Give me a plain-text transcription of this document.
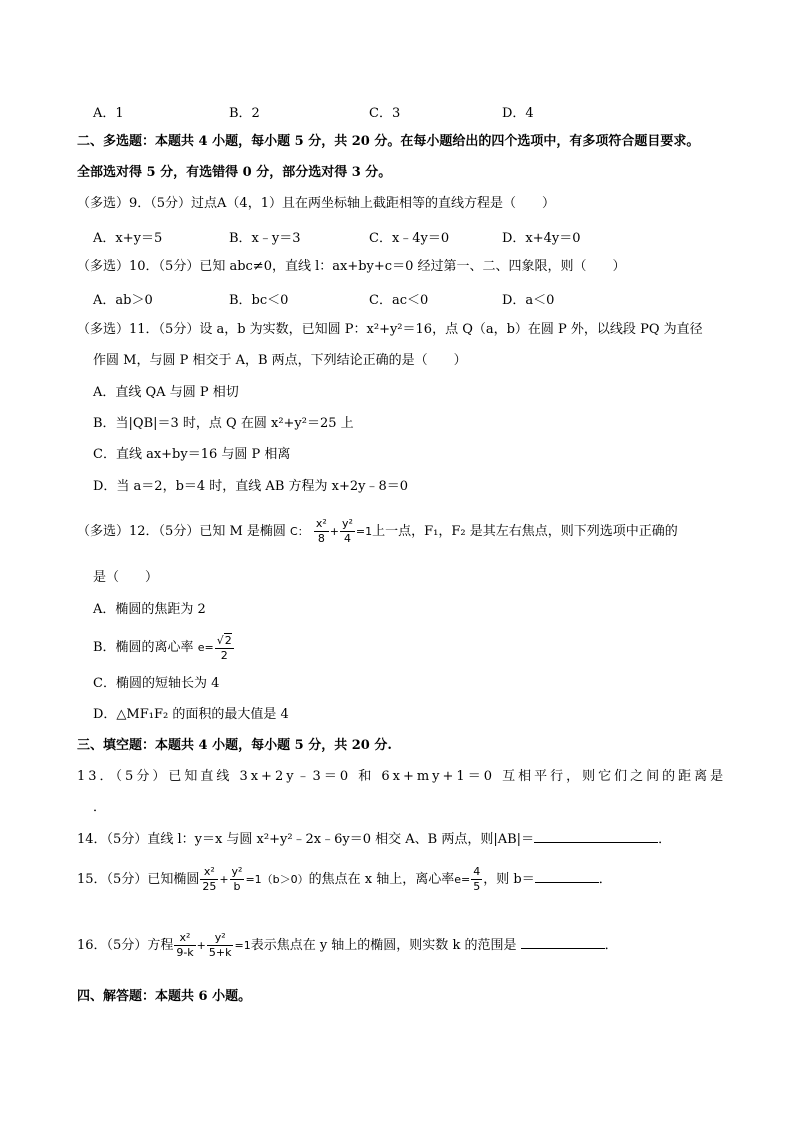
A．1	B．2	C．3	D．4
二、多选题：本题共 4 小题，每小题 5 分，共 20 分。在每小题给出的四个选项中，有多项符合题目要求。
全部选对得 5 分，有选错得 0 分，部分选对得 3 分。
（多选）9．（5分）过点A（4，1）且在两坐标轴上截距相等的直线方程是（　　）
A．x+y＝5	B．x﹣y＝3	C．x﹣4y＝0	D．x+4y＝0
（多选）10．（5分）已知 abc≠0，直线 l：ax+by+c＝0 经过第一、二、四象限，则（　　）
A．ab＞0	B．bc＜0	C．ac＜0	D．a＜0
（多选）11．（5分）设 a，b 为实数，已知圆 P：x²+y²＝16，点 Q（a，b）在圆 P 外，以线段 PQ 为直径
作圆 M，与圆 P 相交于 A，B 两点，下列结论正确的是（　　）
A．直线 QA 与圆 P 相切
B．当|QB|＝3 时，点 Q 在圆 x²+y²＝25 上
C．直线 ax+by＝16 与圆 P 相离
D．当 a＝2，b＝4 时，直线 AB 方程为 x+2y﹣8＝0
（多选）12．（5分）已知 M 是椭圆 C： $\frac{\text{x²}}{8} + \frac{\text{y²}}{4} =1$上一点，F₁，F₂ 是其左右焦点，则下列选项中正确的
是（　　）
A．椭圆的焦距为 2
B．椭圆的离心率 $e= \frac{√2}{2}$
C．椭圆的短轴长为 4
D．△MF₁F₂ 的面积的最大值是 4
三、填空题：本题共 4 小题，每小题 5 分，共 20 分.
13．（5分）已知直线 3x+2y﹣3＝0 和 6x+my+1＝0 互相平行，则它们之间的距离是
．
14．（5分）直线 l：y＝x 与圆 x²+y²﹣2x﹣6y＝0 相交 A、B 两点，则|AB|＝	．
15．（5分）已知椭圆 $\frac{\text{x²}}{25} + \frac{\text{y²}}{b} =1(b>0)$的焦点在 x 轴上，离心率$e= \frac{4}{5}$ ，则 b＝	．
16．（5分）方程 $\frac{\text{x²}}{9-k} + \frac{\text{y²}}{5+k} =1$表示焦点在 y 轴上的椭圆，则实数 k 的范围是	．
四、解答题：本题共 6 小题。
